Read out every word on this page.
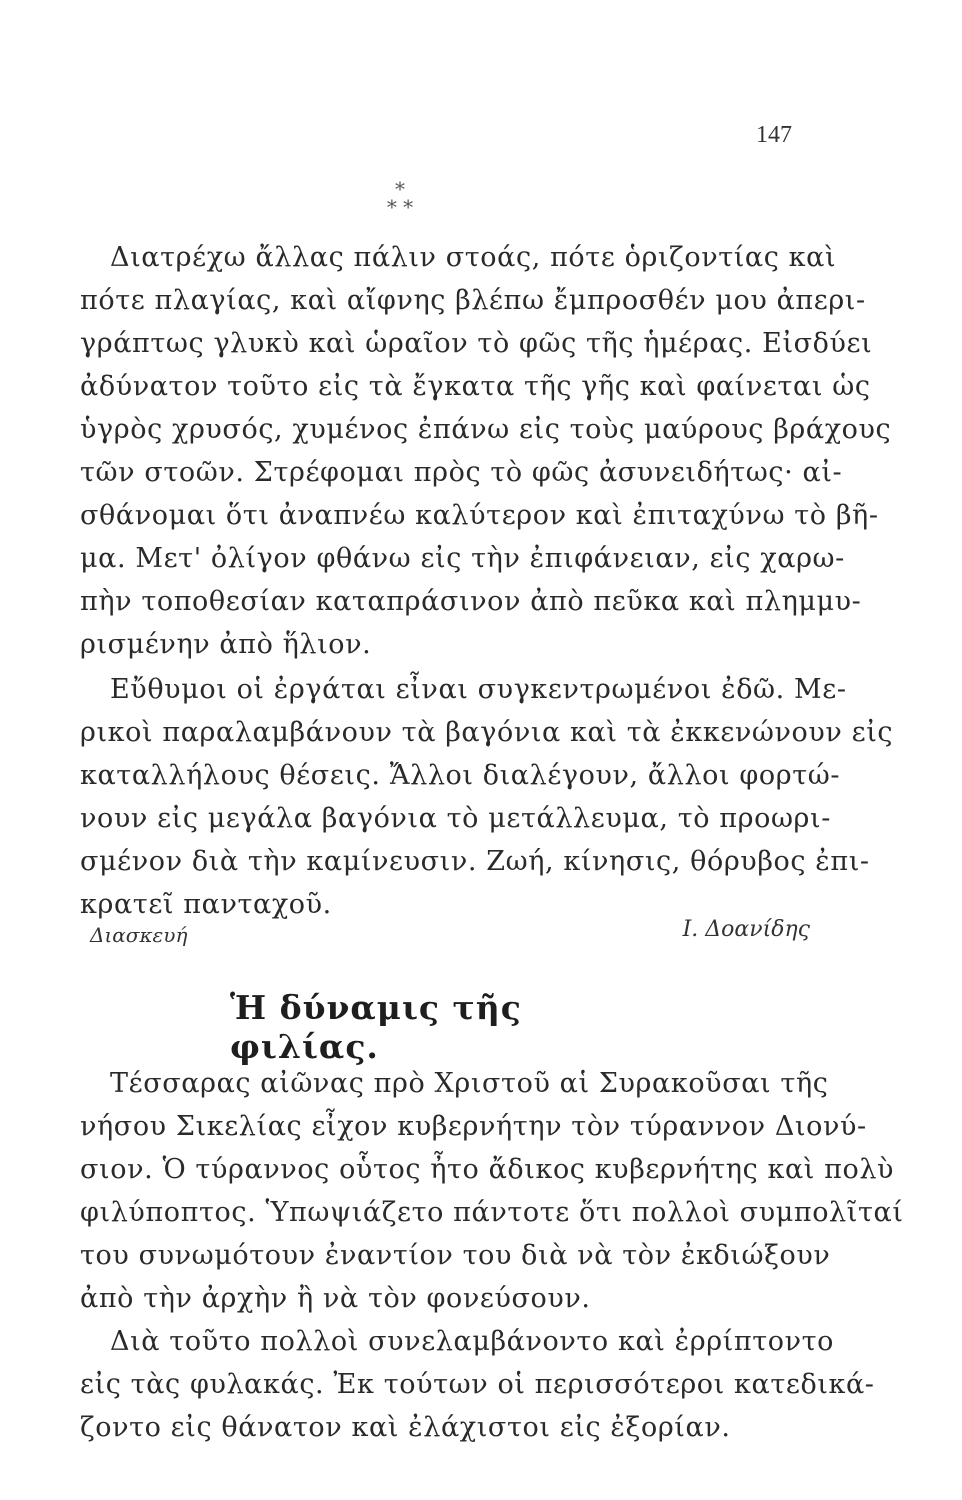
147
*
* *
Διατρέχω ἄλλας πάλιν στοάς, πότε ὁριζοντίας καὶ
πότε πλαγίας, καὶ αἴφνης βλέπω ἔμπροσθέν μου ἀπερι-
γράπτως γλυκὺ καὶ ὡραῖον τὸ φῶς τῆς ἡμέρας. Εἰσδύει
ἀδύνατον τοῦτο εἰς τὰ ἔγκατα τῆς γῆς καὶ φαίνεται ὡς
ὑγρὸς χρυσός, χυμένος ἐπάνω εἰς τοὺς μαύρους βράχους
τῶν στοῶν. Στρέφομαι πρὸς τὸ φῶς ἀσυνειδήτως· αἰ-
σθάνομαι ὅτι ἀναπνέω καλύτερον καὶ ἐπιταχύνω τὸ βῆ-
μα. Μετ' ὀλίγον φθάνω εἰς τὴν ἐπιφάνειαν, εἰς χαρω-
πὴν τοποθεσίαν καταπράσινον ἀπὸ πεῦκα καὶ πλημμυ-
ρισμένην ἀπὸ ἥλιον.
Εὔθυμοι οἱ ἐργάται εἶναι συγκεντρωμένοι ἐδῶ. Με-
ρικοὶ παραλαμβάνουν τὰ βαγόνια καὶ τὰ ἐκκενώνουν εἰς
καταλλήλους θέσεις. Ἄλλοι διαλέγουν, ἄλλοι φορτώ-
νουν εἰς μεγάλα βαγόνια τὸ μετάλλευμα, τὸ προωρι-
σμένον διὰ τὴν καμίνευσιν. Ζωή, κίνησις, θόρυβος ἐπι-
κρατεῖ πανταχοῦ.
Διασκευή	Ι. Δοανίδης
Ἡ δύναμις τῆς φιλίας.
Τέσσαρας αἰῶνας πρὸ Χριστοῦ αἱ Συρακοῦσαι τῆς
νήσου Σικελίας εἶχον κυβερνήτην τὸν τύραννον Διονύ-
σιον. Ὁ τύραννος οὗτος ἦτο ἄδικος κυβερνήτης καὶ πολὺ
φιλύποπτος. Ὑπωψιάζετο πάντοτε ὅτι πολλοὶ συμπολῖταί
του συνωμότουν ἐναντίον του διὰ νὰ τὸν ἐκδιώξουν
ἀπὸ τὴν ἀρχὴν ἢ νὰ τὸν φονεύσουν.
Διὰ τοῦτο πολλοὶ συνελαμβάνοντο καὶ ἐρρίπτοντο
εἰς τὰς φυλακάς. Ἐκ τούτων οἱ περισσότεροι κατεδικά-
ζοντο εἰς θάνατον καὶ ἐλάχιστοι εἰς ἐξορίαν.
